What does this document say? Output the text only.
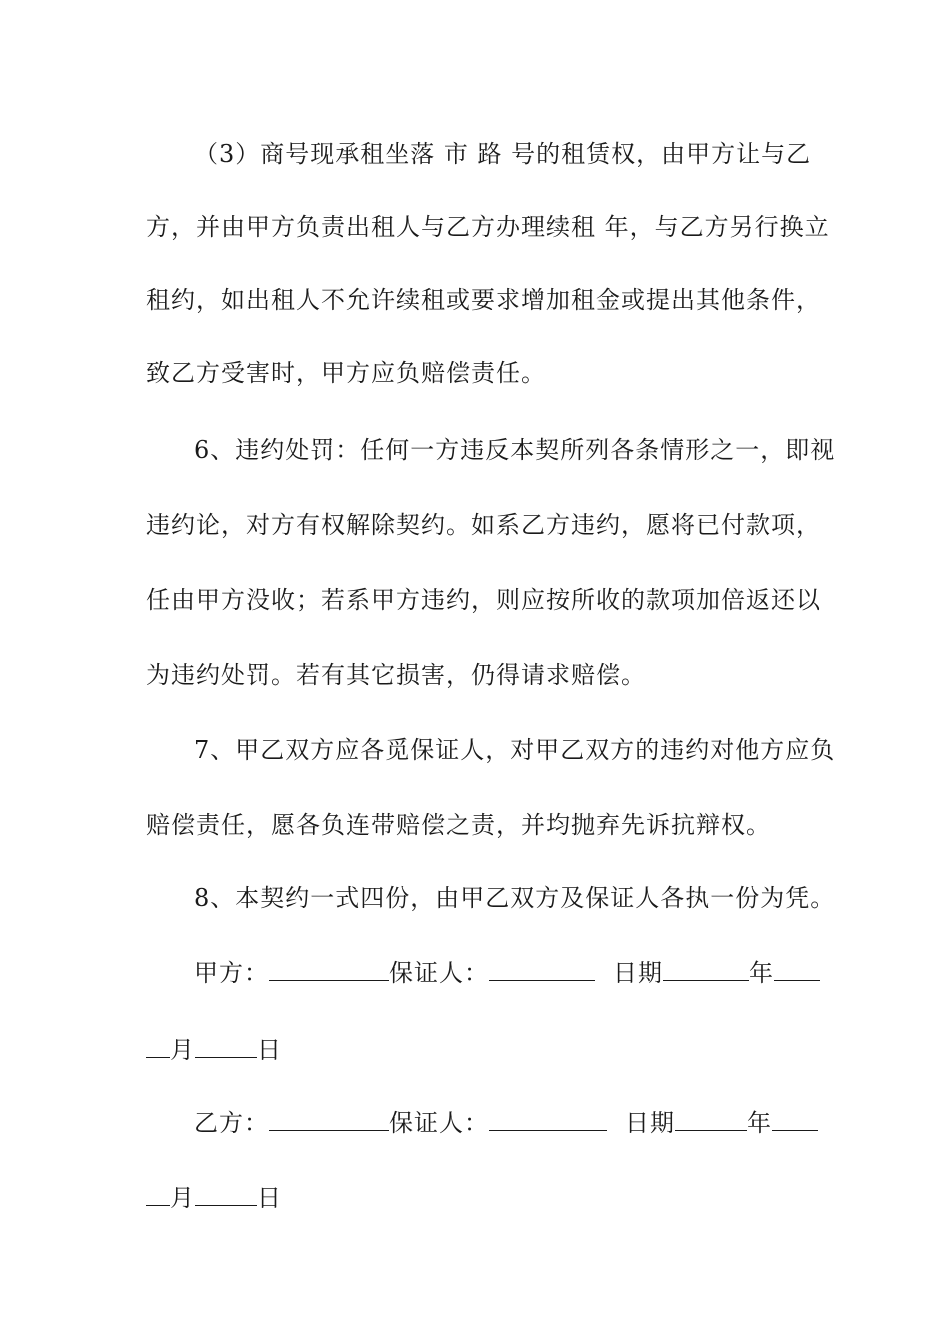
（3）商号现承租坐落 市 路 号的租赁权，由甲方让与乙
方，并由甲方负责出租人与乙方办理续租 年，与乙方另行换立
租约，如出租人不允许续租或要求增加租金或提出其他条件，
致乙方受害时，甲方应负赔偿责任。
6、违约处罚：任何一方违反本契所列各条情形之一，即视
违约论，对方有权解除契约。如系乙方违约，愿将已付款项，
任由甲方没收；若系甲方违约，则应按所收的款项加倍返还以
为违约处罚。若有其它损害，仍得请求赔偿。
7、甲乙双方应各觅保证人，对甲乙双方的违约对他方应负
赔偿责任，愿各负连带赔偿之责，并均抛弃先诉抗辩权。
8、本契约一式四份，由甲乙双方及保证人各执一份为凭。
甲方：	保证人：	日期	年
月	日
乙方：	保证人：	日期	年
月	日
